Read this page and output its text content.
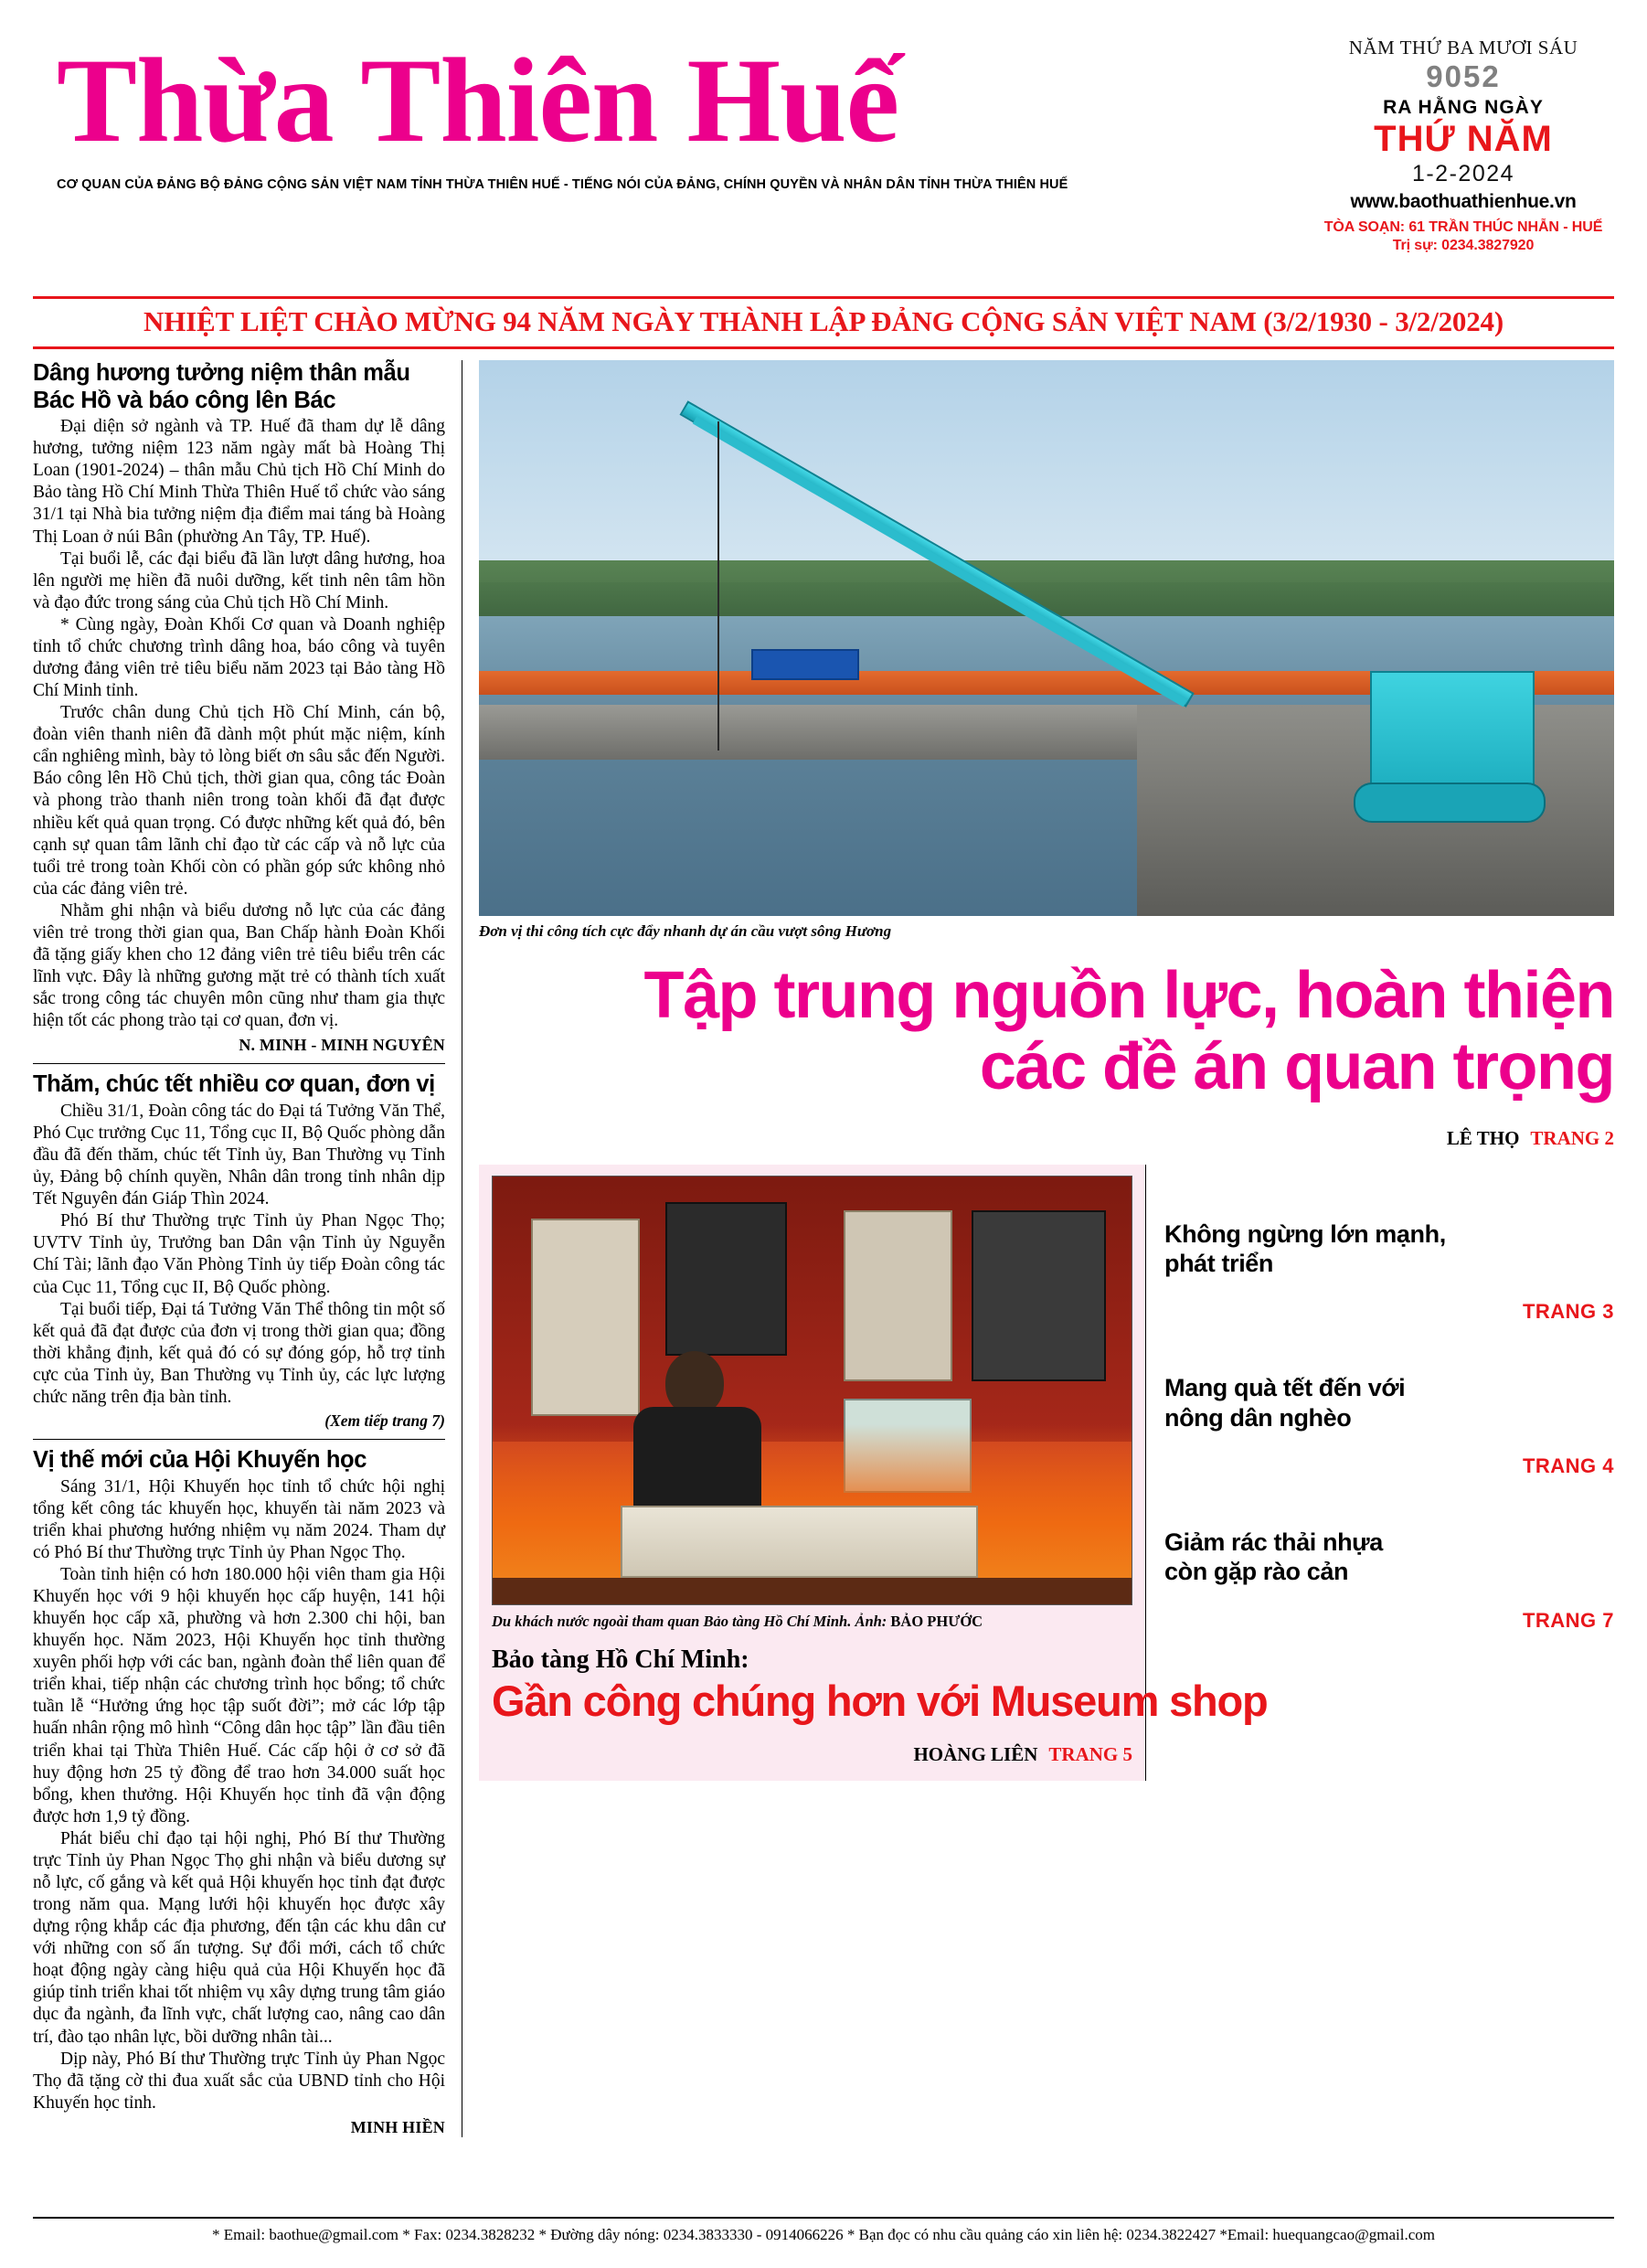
Thừa Thiên Huế
CƠ QUAN CỦA ĐẢNG BỘ ĐẢNG CỘNG SẢN VIỆT NAM TỈNH THỪA THIÊN HUẾ - TIẾNG NÓI CỦA ĐẢNG, CHÍNH QUYỀN VÀ NHÂN DÂN TỈNH THỪA THIÊN HUẾ
NĂM THỨ BA MƯƠI SÁU
9052
RA HẰNG NGÀY
THỨ NĂM
1-2-2024
www.baothuathienhue.vn
TÒA SOẠN: 61 TRẦN THÚC NHẪN - HUẾ
Trị sự: 0234.3827920
NHIỆT LIỆT CHÀO MỪNG 94 NĂM NGÀY THÀNH LẬP ĐẢNG CỘNG SẢN VIỆT NAM (3/2/1930 - 3/2/2024)
Dâng hương tưởng niệm thân mẫu Bác Hồ và báo công lên Bác

Đại diện sở ngành và TP. Huế đã tham dự lễ dâng hương, tưởng niệm 123 năm ngày mất bà Hoàng Thị Loan (1901-2024) – thân mẫu Chủ tịch Hồ Chí Minh do Bảo tàng Hồ Chí Minh Thừa Thiên Huế tổ chức vào sáng 31/1 tại Nhà bia tưởng niệm địa điểm mai táng bà Hoàng Thị Loan ở núi Bân (phường An Tây, TP. Huế).

Tại buổi lễ, các đại biểu đã lần lượt dâng hương, hoa lên người mẹ hiền đã nuôi dưỡng, kết tinh nên tâm hồn và đạo đức trong sáng của Chủ tịch Hồ Chí Minh.

* Cùng ngày, Đoàn Khối Cơ quan và Doanh nghiệp tỉnh tổ chức chương trình dâng hoa, báo công và tuyên dương đảng viên trẻ tiêu biểu năm 2023 tại Bảo tàng Hồ Chí Minh tỉnh.

Trước chân dung Chủ tịch Hồ Chí Minh, cán bộ, đoàn viên thanh niên đã dành một phút mặc niệm, kính cẩn nghiêng mình, bày tỏ lòng biết ơn sâu sắc đến Người. Báo công lên Hồ Chủ tịch, thời gian qua, công tác Đoàn và phong trào thanh niên trong toàn khối đã đạt được nhiều kết quả quan trọng. Có được những kết quả đó, bên cạnh sự quan tâm lãnh chỉ đạo từ các cấp và nỗ lực của tuổi trẻ trong toàn Khối còn có phần góp sức không nhỏ của các đảng viên trẻ.

Nhằm ghi nhận và biểu dương nỗ lực của các đảng viên trẻ trong thời gian qua, Ban Chấp hành Đoàn Khối đã tặng giấy khen cho 12 đảng viên trẻ tiêu biểu trên các lĩnh vực. Đây là những gương mặt trẻ có thành tích xuất sắc trong công tác chuyên môn cũng như tham gia thực hiện tốt các phong trào tại cơ quan, đơn vị.

N. MINH - MINH NGUYÊN
Thăm, chúc tết nhiều cơ quan, đơn vị

Chiều 31/1, Đoàn công tác do Đại tá Tưởng Văn Thể, Phó Cục trưởng Cục 11, Tổng cục II, Bộ Quốc phòng dẫn đầu đã đến thăm, chúc tết Tỉnh ủy, Ban Thường vụ Tỉnh ủy, Đảng bộ chính quyền, Nhân dân trong tỉnh nhân dịp Tết Nguyên đán Giáp Thìn 2024.

Phó Bí thư Thường trực Tỉnh ủy Phan Ngọc Thọ; UVTV Tỉnh ủy, Trưởng ban Dân vận Tỉnh ủy Nguyễn Chí Tài; lãnh đạo Văn Phòng Tỉnh ủy tiếp Đoàn công tác của Cục 11, Tổng cục II, Bộ Quốc phòng.

Tại buổi tiếp, Đại tá Tưởng Văn Thể thông tin một số kết quả đã đạt được của đơn vị trong thời gian qua; đồng thời khẳng định, kết quả đó có sự đóng góp, hỗ trợ tỉnh cực của Tỉnh ủy, Ban Thường vụ Tỉnh ủy, các lực lượng chức năng trên địa bàn tỉnh.

(Xem tiếp trang 7)
Vị thế mới của Hội Khuyến học

Sáng 31/1, Hội Khuyến học tỉnh tổ chức hội nghị tổng kết công tác khuyến học, khuyến tài năm 2023 và triển khai phương hướng nhiệm vụ năm 2024. Tham dự có Phó Bí thư Thường trực Tỉnh ủy Phan Ngọc Thọ.

Toàn tỉnh hiện có hơn 180.000 hội viên tham gia Hội Khuyến học với 9 hội khuyến học cấp huyện, 141 hội khuyến học cấp xã, phường và hơn 2.300 chi hội, ban khuyến học. Năm 2023, Hội Khuyến học tỉnh thường xuyên phối hợp với các ban, ngành đoàn thể liên quan để triển khai, tiếp nhận các chương trình học bổng; tổ chức tuần lễ “Hưởng ứng học tập suốt đời”; mở các lớp tập huấn nhân rộng mô hình “Công dân học tập” lần đầu tiên triển khai tại Thừa Thiên Huế. Các cấp hội ở cơ sở đã huy động hơn 25 tỷ đồng để trao hơn 34.000 suất học bổng, khen thưởng. Hội Khuyến học tỉnh đã vận động được hơn 1,9 tỷ đồng.

Phát biểu chỉ đạo tại hội nghị, Phó Bí thư Thường trực Tỉnh ủy Phan Ngọc Thọ ghi nhận và biểu dương sự nỗ lực, cố gắng và kết quả Hội khuyến học tỉnh đạt được trong năm qua. Mạng lưới hội khuyến học được xây dựng rộng khắp các địa phương, đến tận các khu dân cư với những con số ấn tượng. Sự đổi mới, cách tổ chức hoạt động ngày càng hiệu quả của Hội Khuyến học đã giúp tỉnh triển khai tốt nhiệm vụ xây dựng trung tâm giáo dục đa ngành, đa lĩnh vực, chất lượng cao, nâng cao dân trí, đào tạo nhân lực, bồi dưỡng nhân tài...

Dịp này, Phó Bí thư Thường trực Tỉnh ủy Phan Ngọc Thọ đã tặng cờ thi đua xuất sắc của UBND tỉnh cho Hội Khuyến học tỉnh.

MINH HIỀN
Đơn vị thi công tích cực đẩy nhanh dự án cầu vượt sông Hương
Tập trung nguồn lực, hoàn thiện
các đề án quan trọng
LÊ THỌ TRANG 2
Du khách nước ngoài tham quan Bảo tàng Hồ Chí Minh. Ảnh: BẢO PHƯỚC
Bảo tàng Hồ Chí Minh:
Gần công chúng hơn với Museum shop
HOÀNG LIÊN TRANG 5
Không ngừng lớn mạnh,
phát triển
TRANG 3
Mang quà tết đến với
nông dân nghèo
TRANG 4
Giảm rác thải nhựa
còn gặp rào cản
TRANG 7
* Email: baothue@gmail.com * Fax: 0234.3828232 * Đường dây nóng: 0234.3833330 - 0914066226 * Bạn đọc có nhu cầu quảng cáo xin liên hệ: 0234.3822427 *Email: huequangcao@gmail.com
